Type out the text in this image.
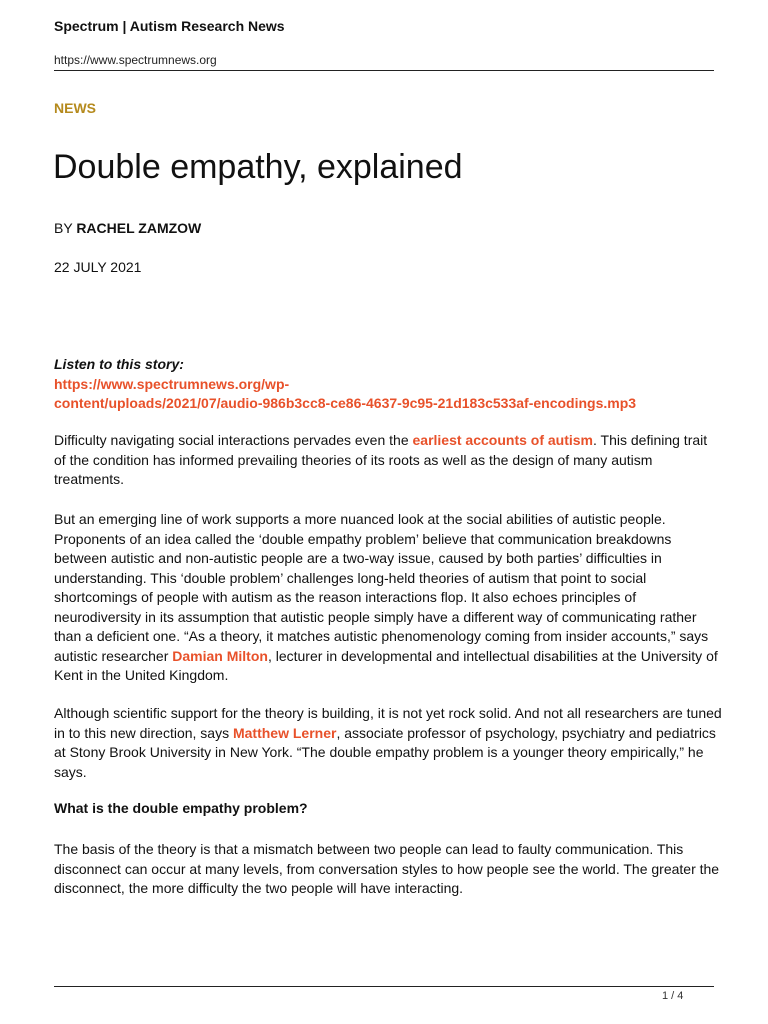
Spectrum | Autism Research News
https://www.spectrumnews.org
NEWS
Double empathy, explained
BY RACHEL ZAMZOW
22 JULY 2021
Listen to this story:
https://www.spectrumnews.org/wp-
content/uploads/2021/07/audio-986b3cc8-ce86-4637-9c95-21d183c533af-encodings.mp3

Difficulty navigating social interactions pervades even the earliest accounts of autism. This defining trait of the condition has informed prevailing theories of its roots as well as the design of many autism treatments.

But an emerging line of work supports a more nuanced look at the social abilities of autistic people. Proponents of an idea called the ‘double empathy problem’ believe that communication breakdowns between autistic and non-autistic people are a two-way issue, caused by both parties’ difficulties in understanding. This ‘double problem’ challenges long-held theories of autism that point to social shortcomings of people with autism as the reason interactions flop. It also echoes principles of neurodiversity in its assumption that autistic people simply have a different way of communicating rather than a deficient one. “As a theory, it matches autistic phenomenology coming from insider accounts,” says autistic researcher Damian Milton, lecturer in developmental and intellectual disabilities at the University of Kent in the United Kingdom.

Although scientific support for the theory is building, it is not yet rock solid. And not all researchers are tuned in to this new direction, says Matthew Lerner, associate professor of psychology, psychiatry and pediatrics at Stony Brook University in New York. “The double empathy problem is a younger theory empirically,” he says.

What is the double empathy problem?

The basis of the theory is that a mismatch between two people can lead to faulty communication. This disconnect can occur at many levels, from conversation styles to how people see the world. The greater the disconnect, the more difficulty the two people will have interacting.

1 / 4
